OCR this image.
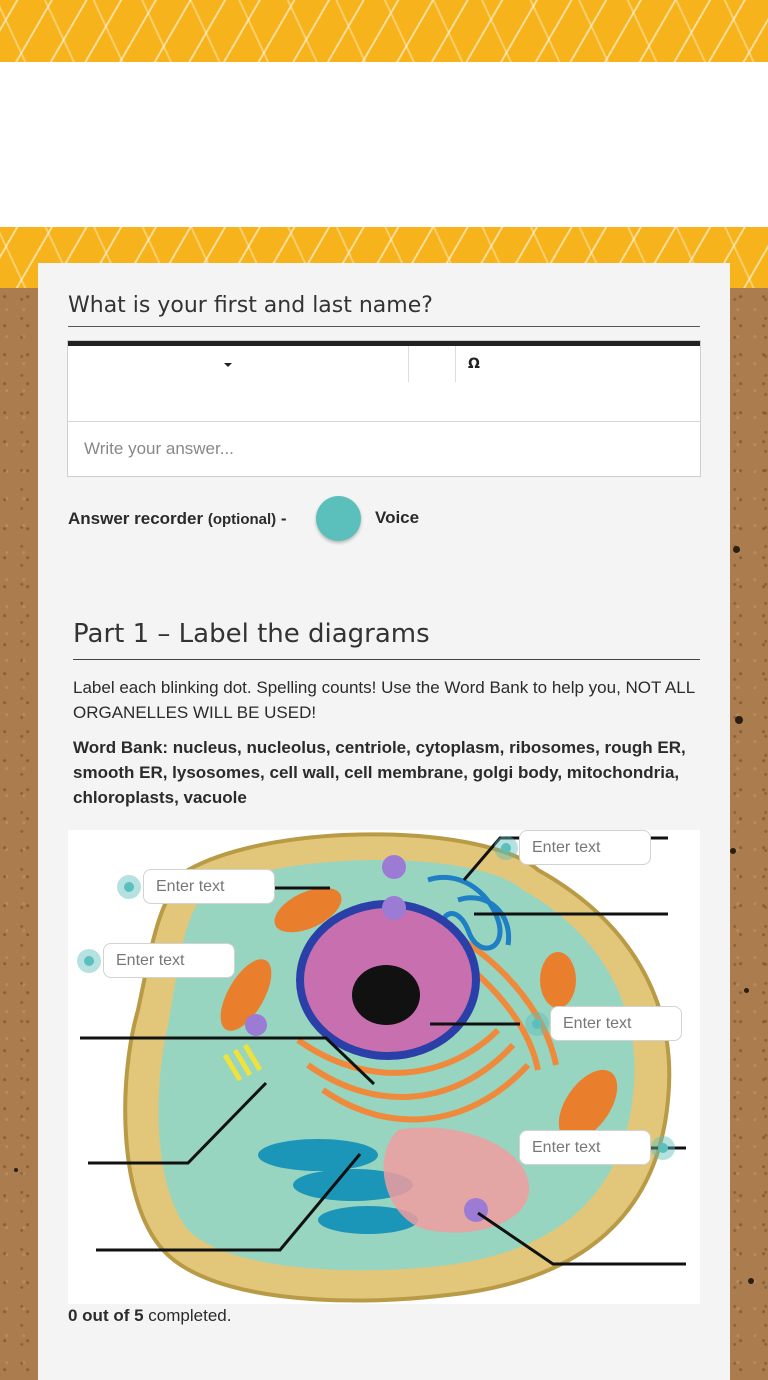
What is your first and last name?
Ω
Write your answer...
Answer recorder (optional) -	Voice
Part 1 – Label the diagrams
Label each blinking dot. Spelling counts! Use the Word Bank to help you, NOT ALL ORGANELLES WILL BE USED!
Word Bank: nucleus, nucleolus, centriole, cytoplasm, ribosomes, rough ER, smooth ER, lysosomes, cell wall, cell membrane, golgi body, mitochondria, chloroplasts, vacuole
Enter text
Enter text
Enter text
Enter text
Enter text
0 out of 5 completed.
